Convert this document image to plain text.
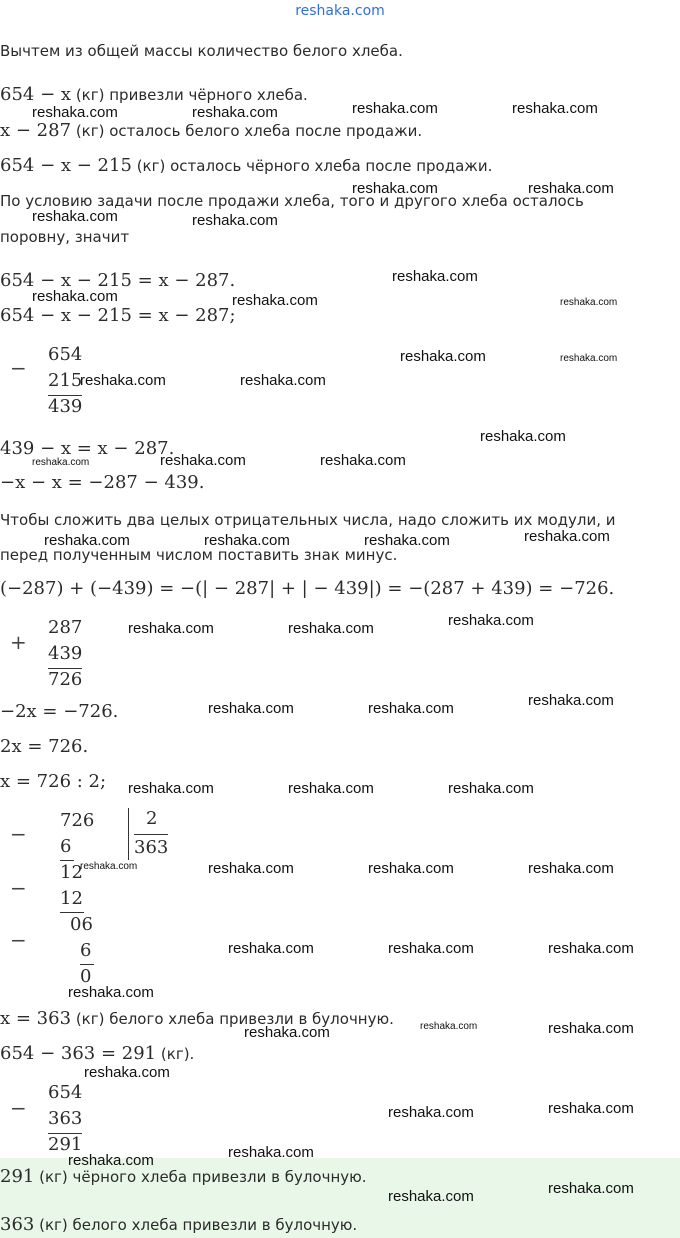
reshaka.com
Вычтем из общей массы количество белого хлеба.
654 − x (кг) привезли чёрного хлеба.
x − 287 (кг) осталось белого хлеба после продажи.
654 − x − 215 (кг) осталось чёрного хлеба после продажи.
По условию задачи после продажи хлеба, того и другого хлеба осталось
поровну, значит
654 − x − 215 = x − 287.
654 − x − 215 = x − 287;
−
654
215
439
439 − x = x − 287.
−x − x = −287 − 439.
Чтобы сложить два целых отрицательных числа, надо сложить их модули, и
перед полученным числом поставить знак минус.
(−287) + (−439) = −(| − 287| + | − 439|) = −(287 + 439) = −726.
+
287
439
726
−2x = −726.
2x = 726.
x = 726 : 2;
726	2
363
−
6
12
− 12
06
−	6
0
x = 363 (кг) белого хлеба привезли в булочную.
654 − 363 = 291 (кг).
−
654
363
291
291 (кг) чёрного хлеба привезли в булочную.
363 (кг) белого хлеба привезли в булочную.
reshaka.com	reshaka.com	reshaka.com	reshaka.com
reshaka.com	reshaka.com
reshaka.com	reshaka.com
reshaka.com
reshaka.com	reshaka.com	reshaka.com
reshaka.com	reshaka.com
reshaka.com	reshaka.com
reshaka.com
reshaka.com	reshaka.com	reshaka.com
reshaka.com	reshaka.com	reshaka.com	reshaka.com
reshaka.com	reshaka.com	reshaka.com
reshaka.com	reshaka.com	reshaka.com
reshaka.com	reshaka.com	reshaka.com
reshaka.com	reshaka.com	reshaka.com	reshaka.com
reshaka.com	reshaka.com	reshaka.com
reshaka.com
reshaka.com	reshaka.com
reshaka.com
reshaka.com
reshaka.com	reshaka.com
reshaka.com
reshaka.com
reshaka.com	reshaka.com
